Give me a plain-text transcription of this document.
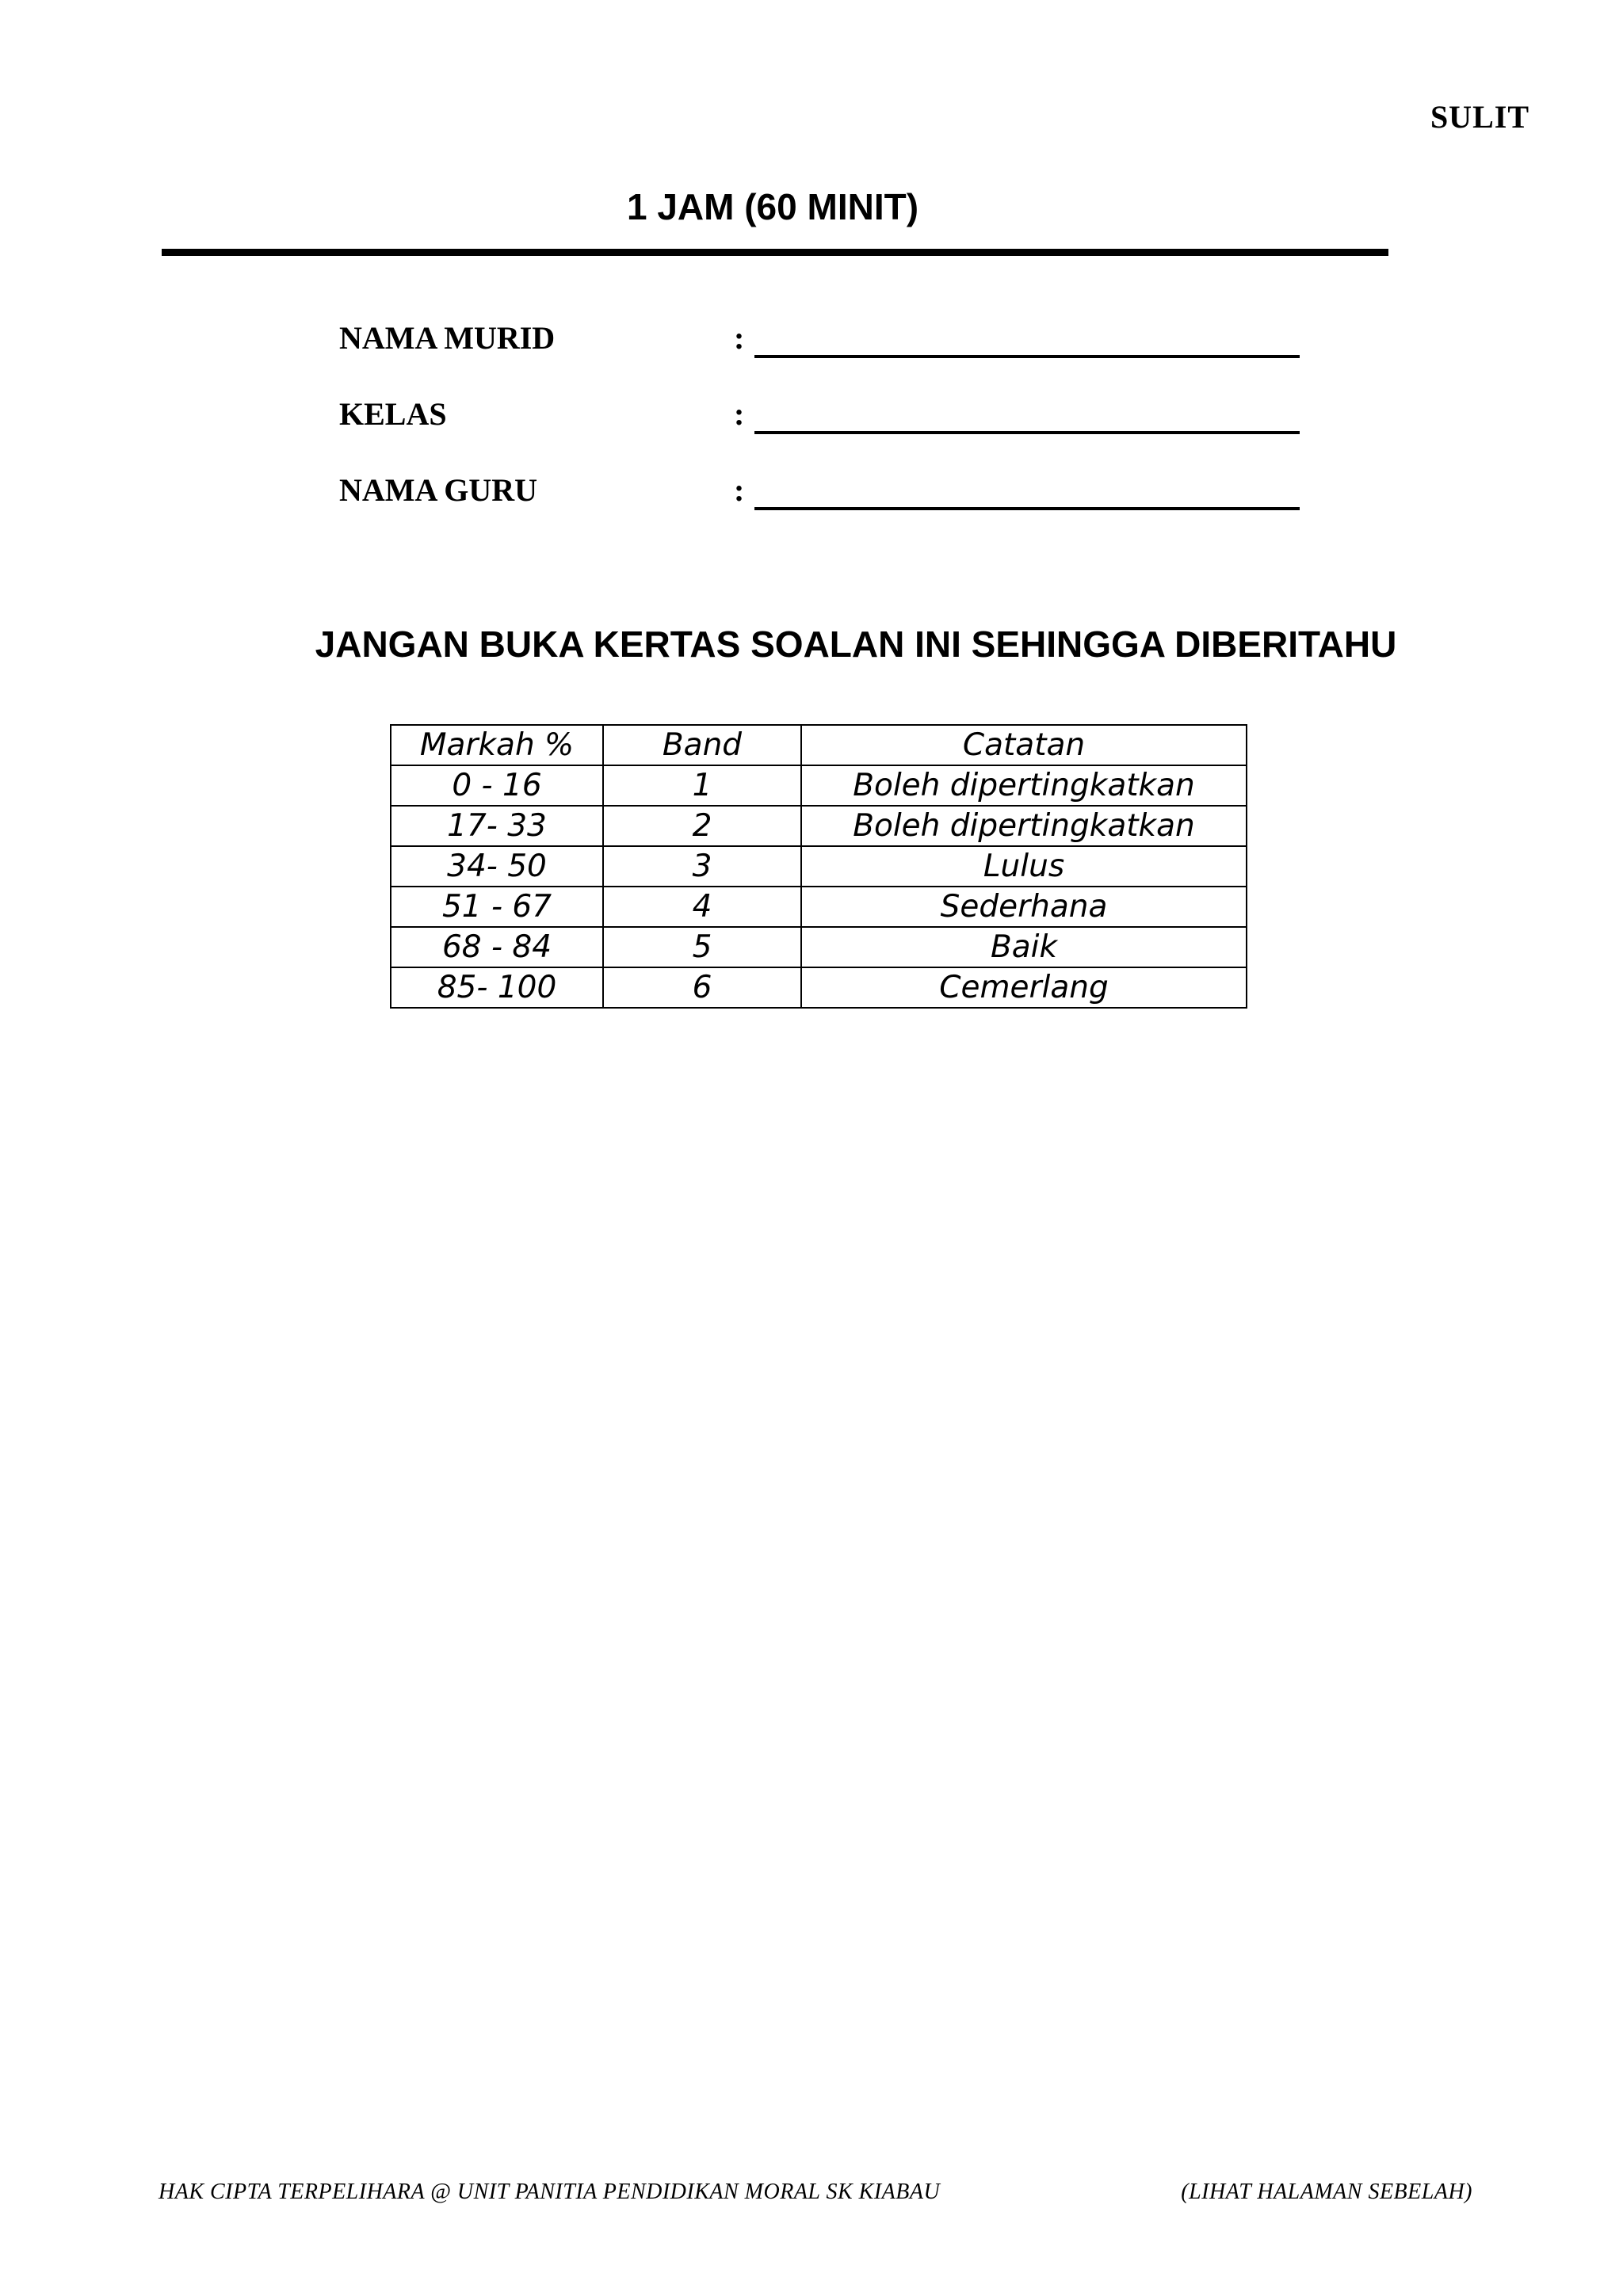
SULIT
1 JAM (60 MINIT)
NAMA MURID	:
KELAS	:
NAMA GURU	:
JANGAN BUKA KERTAS SOALAN INI SEHINGGA DIBERITAHU
Markah %	Band	Catatan
0 - 16	1	Boleh dipertingkatkan
17- 33	2	Boleh dipertingkatkan
34- 50	3	Lulus
51 - 67	4	Sederhana
68 - 84	5	Baik
85- 100	6	Cemerlang
HAK CIPTA TERPELIHARA @ UNIT PANITIA PENDIDIKAN MORAL SK KIABAU	(LIHAT HALAMAN SEBELAH)
